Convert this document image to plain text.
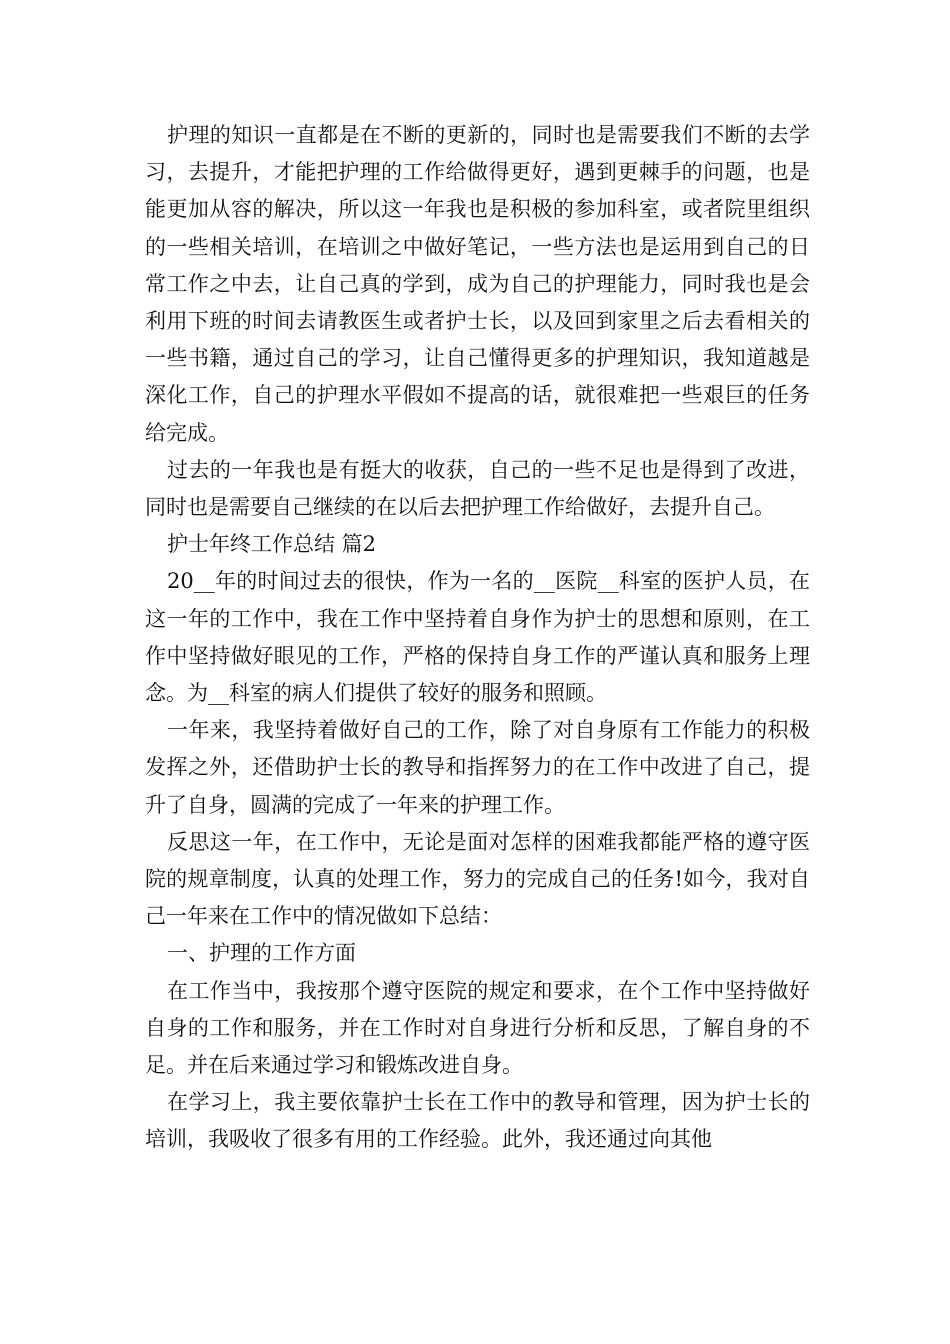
护理的知识一直都是在不断的更新的，同时也是需要我们不断的去学习，去提升，才能把护理的工作给做得更好，遇到更棘手的问题，也是能更加从容的解决，所以这一年我也是积极的参加科室，或者院里组织的一些相关培训，在培训之中做好笔记，一些方法也是运用到自己的日常工作之中去，让自己真的学到，成为自己的护理能力，同时我也是会利用下班的时间去请教医生或者护士长，以及回到家里之后去看相关的一些书籍，通过自己的学习，让自己懂得更多的护理知识，我知道越是深化工作，自己的护理水平假如不提高的话，就很难把一些艰巨的任务给完成。

过去的一年我也是有挺大的收获，自己的一些不足也是得到了改进，同时也是需要自己继续的在以后去把护理工作给做好，去提升自己。

护士年终工作总结 篇2

20__年的时间过去的很快，作为一名的__医院__科室的医护人员，在这一年的工作中，我在工作中坚持着自身作为护士的思想和原则，在工作中坚持做好眼见的工作，严格的保持自身工作的严谨认真和服务上理念。为__科室的病人们提供了较好的服务和照顾。

一年来，我坚持着做好自己的工作，除了对自身原有工作能力的积极发挥之外，还借助护士长的教导和指挥努力的在工作中改进了自己，提升了自身，圆满的完成了一年来的护理工作。

反思这一年，在工作中，无论是面对怎样的困难我都能严格的遵守医院的规章制度，认真的处理工作，努力的完成自己的任务!如今，我对自己一年来在工作中的情况做如下总结：

一、护理的工作方面

在工作当中，我按那个遵守医院的规定和要求，在个工作中坚持做好自身的工作和服务，并在工作时对自身进行分析和反思，了解自身的不足。并在后来通过学习和锻炼改进自身。

在学习上，我主要依靠护士长在工作中的教导和管理，因为护士长的培训，我吸收了很多有用的工作经验。此外，我还通过向其他
